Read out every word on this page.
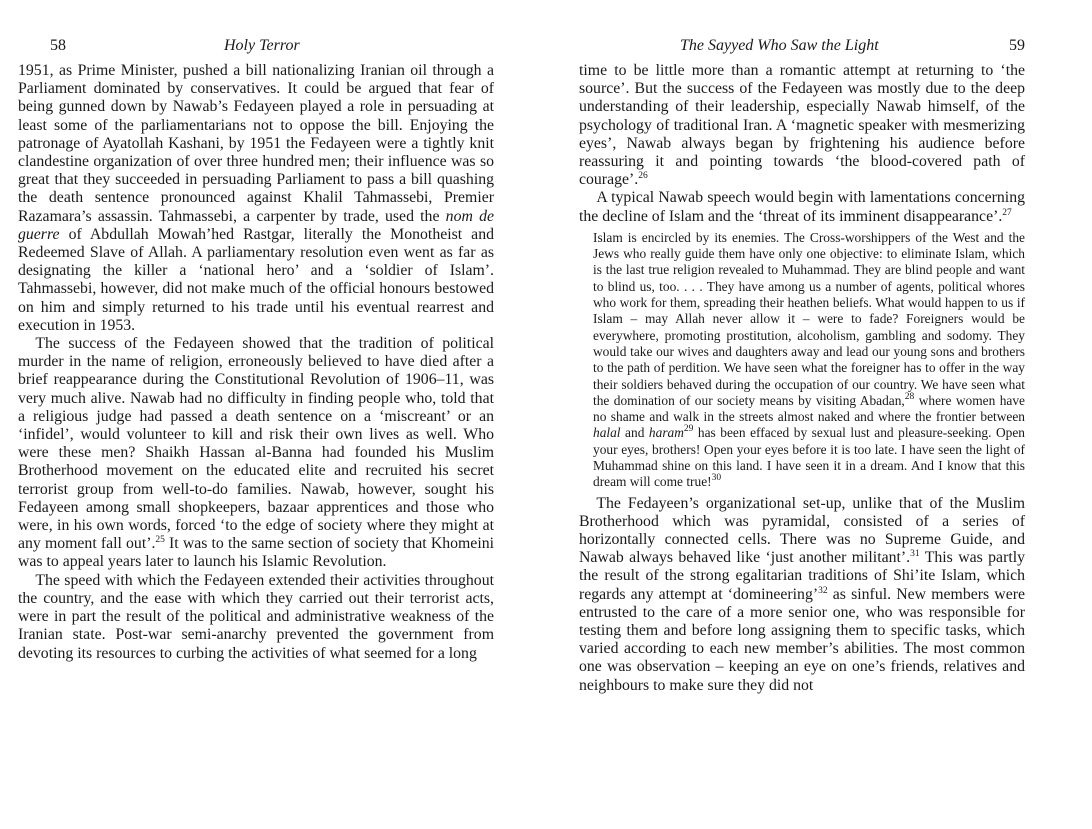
58	Holy Terror

1951, as Prime Minister, pushed a bill nationalizing Iranian oil through a Parliament dominated by conservatives. It could be argued that fear of being gunned down by Nawab’s Fedayeen played a role in persuading at least some of the parliamentarians not to oppose the bill. Enjoying the patronage of Ayatollah Kashani, by 1951 the Fedayeen were a tightly knit clandestine organization of over three hundred men; their influence was so great that they succeeded in persuading Parliament to pass a bill quashing the death sentence pronounced against Khalil Tahmassebi, Premier Razamara’s assassin. Tahmassebi, a carpenter by trade, used the nom de guerre of Abdullah Mowah’hed Rastgar, literally the Monotheist and Redeemed Slave of Allah. A parliamentary resolution even went as far as designating the killer a ‘national hero’ and a ‘soldier of Islam’. Tahmassebi, however, did not make much of the official honours bestowed on him and simply returned to his trade until his eventual rearrest and execution in 1953.

The success of the Fedayeen showed that the tradition of political murder in the name of religion, erroneously believed to have died after a brief reappearance during the Constitutional Revolution of 1906–11, was very much alive. Nawab had no difficulty in finding people who, told that a religious judge had passed a death sentence on a ‘miscreant’ or an ‘infidel’, would volunteer to kill and risk their own lives as well. Who were these men? Shaikh Hassan al-Banna had founded his Muslim Brotherhood movement on the educated elite and recruited his secret terrorist group from well-to-do families. Nawab, however, sought his Fedayeen among small shopkeepers, bazaar apprentices and those who were, in his own words, forced ‘to the edge of society where they might at any moment fall out’.$^{25}$ It was to the same section of society that Khomeini was to appeal years later to launch his Islamic Revolution.

The speed with which the Fedayeen extended their activities throughout the country, and the ease with which they carried out their terrorist acts, were in part the result of the political and administrative weakness of the Iranian state. Post-war semi-anarchy prevented the government from devoting its resources to curbing the activities of what seemed for a long

The Sayyed Who Saw the Light	59

time to be little more than a romantic attempt at returning to ‘the source’. But the success of the Fedayeen was mostly due to the deep understanding of their leadership, especially Nawab himself, of the psychology of traditional Iran. A ‘magnetic speaker with mesmerizing eyes’, Nawab always began by frightening his audience before reassuring it and pointing towards ‘the blood-covered path of courage’.$^{26}$

A typical Nawab speech would begin with lamentations concerning the decline of Islam and the ‘threat of its imminent disappearance’.$^{27}$

Islam is encircled by its enemies. The Cross-worshippers of the West and the Jews who really guide them have only one objective: to eliminate Islam, which is the last true religion revealed to Muhammad. They are blind people and want to blind us, too. . . . They have among us a number of agents, political whores who work for them, spreading their heathen beliefs. What would happen to us if Islam – may Allah never allow it – were to fade? Foreigners would be everywhere, promoting prostitution, alcoholism, gambling and sodomy. They would take our wives and daughters away and lead our young sons and brothers to the path of perdition. We have seen what the foreigner has to offer in the way their soldiers behaved during the occupation of our country. We have seen what the domination of our society means by visiting Abadan,$^{28}$ where women have no shame and walk in the streets almost naked and where the frontier between halal and haram$^{29}$ has been effaced by sexual lust and pleasure-seeking. Open your eyes, brothers! Open your eyes before it is too late. I have seen the light of Muhammad shine on this land. I have seen it in a dream. And I know that this dream will come true!$^{30}$

The Fedayeen’s organizational set-up, unlike that of the Muslim Brotherhood which was pyramidal, consisted of a series of horizontally connected cells. There was no Supreme Guide, and Nawab always behaved like ‘just another militant’.$^{31}$ This was partly the result of the strong egalitarian traditions of Shi’ite Islam, which regards any attempt at ‘domineering’$^{32}$ as sinful. New members were entrusted to the care of a more senior one, who was responsible for testing them and before long assigning them to specific tasks, which varied according to each new member’s abilities. The most common one was observation – keeping an eye on one’s friends, relatives and neighbours to make sure they did not
